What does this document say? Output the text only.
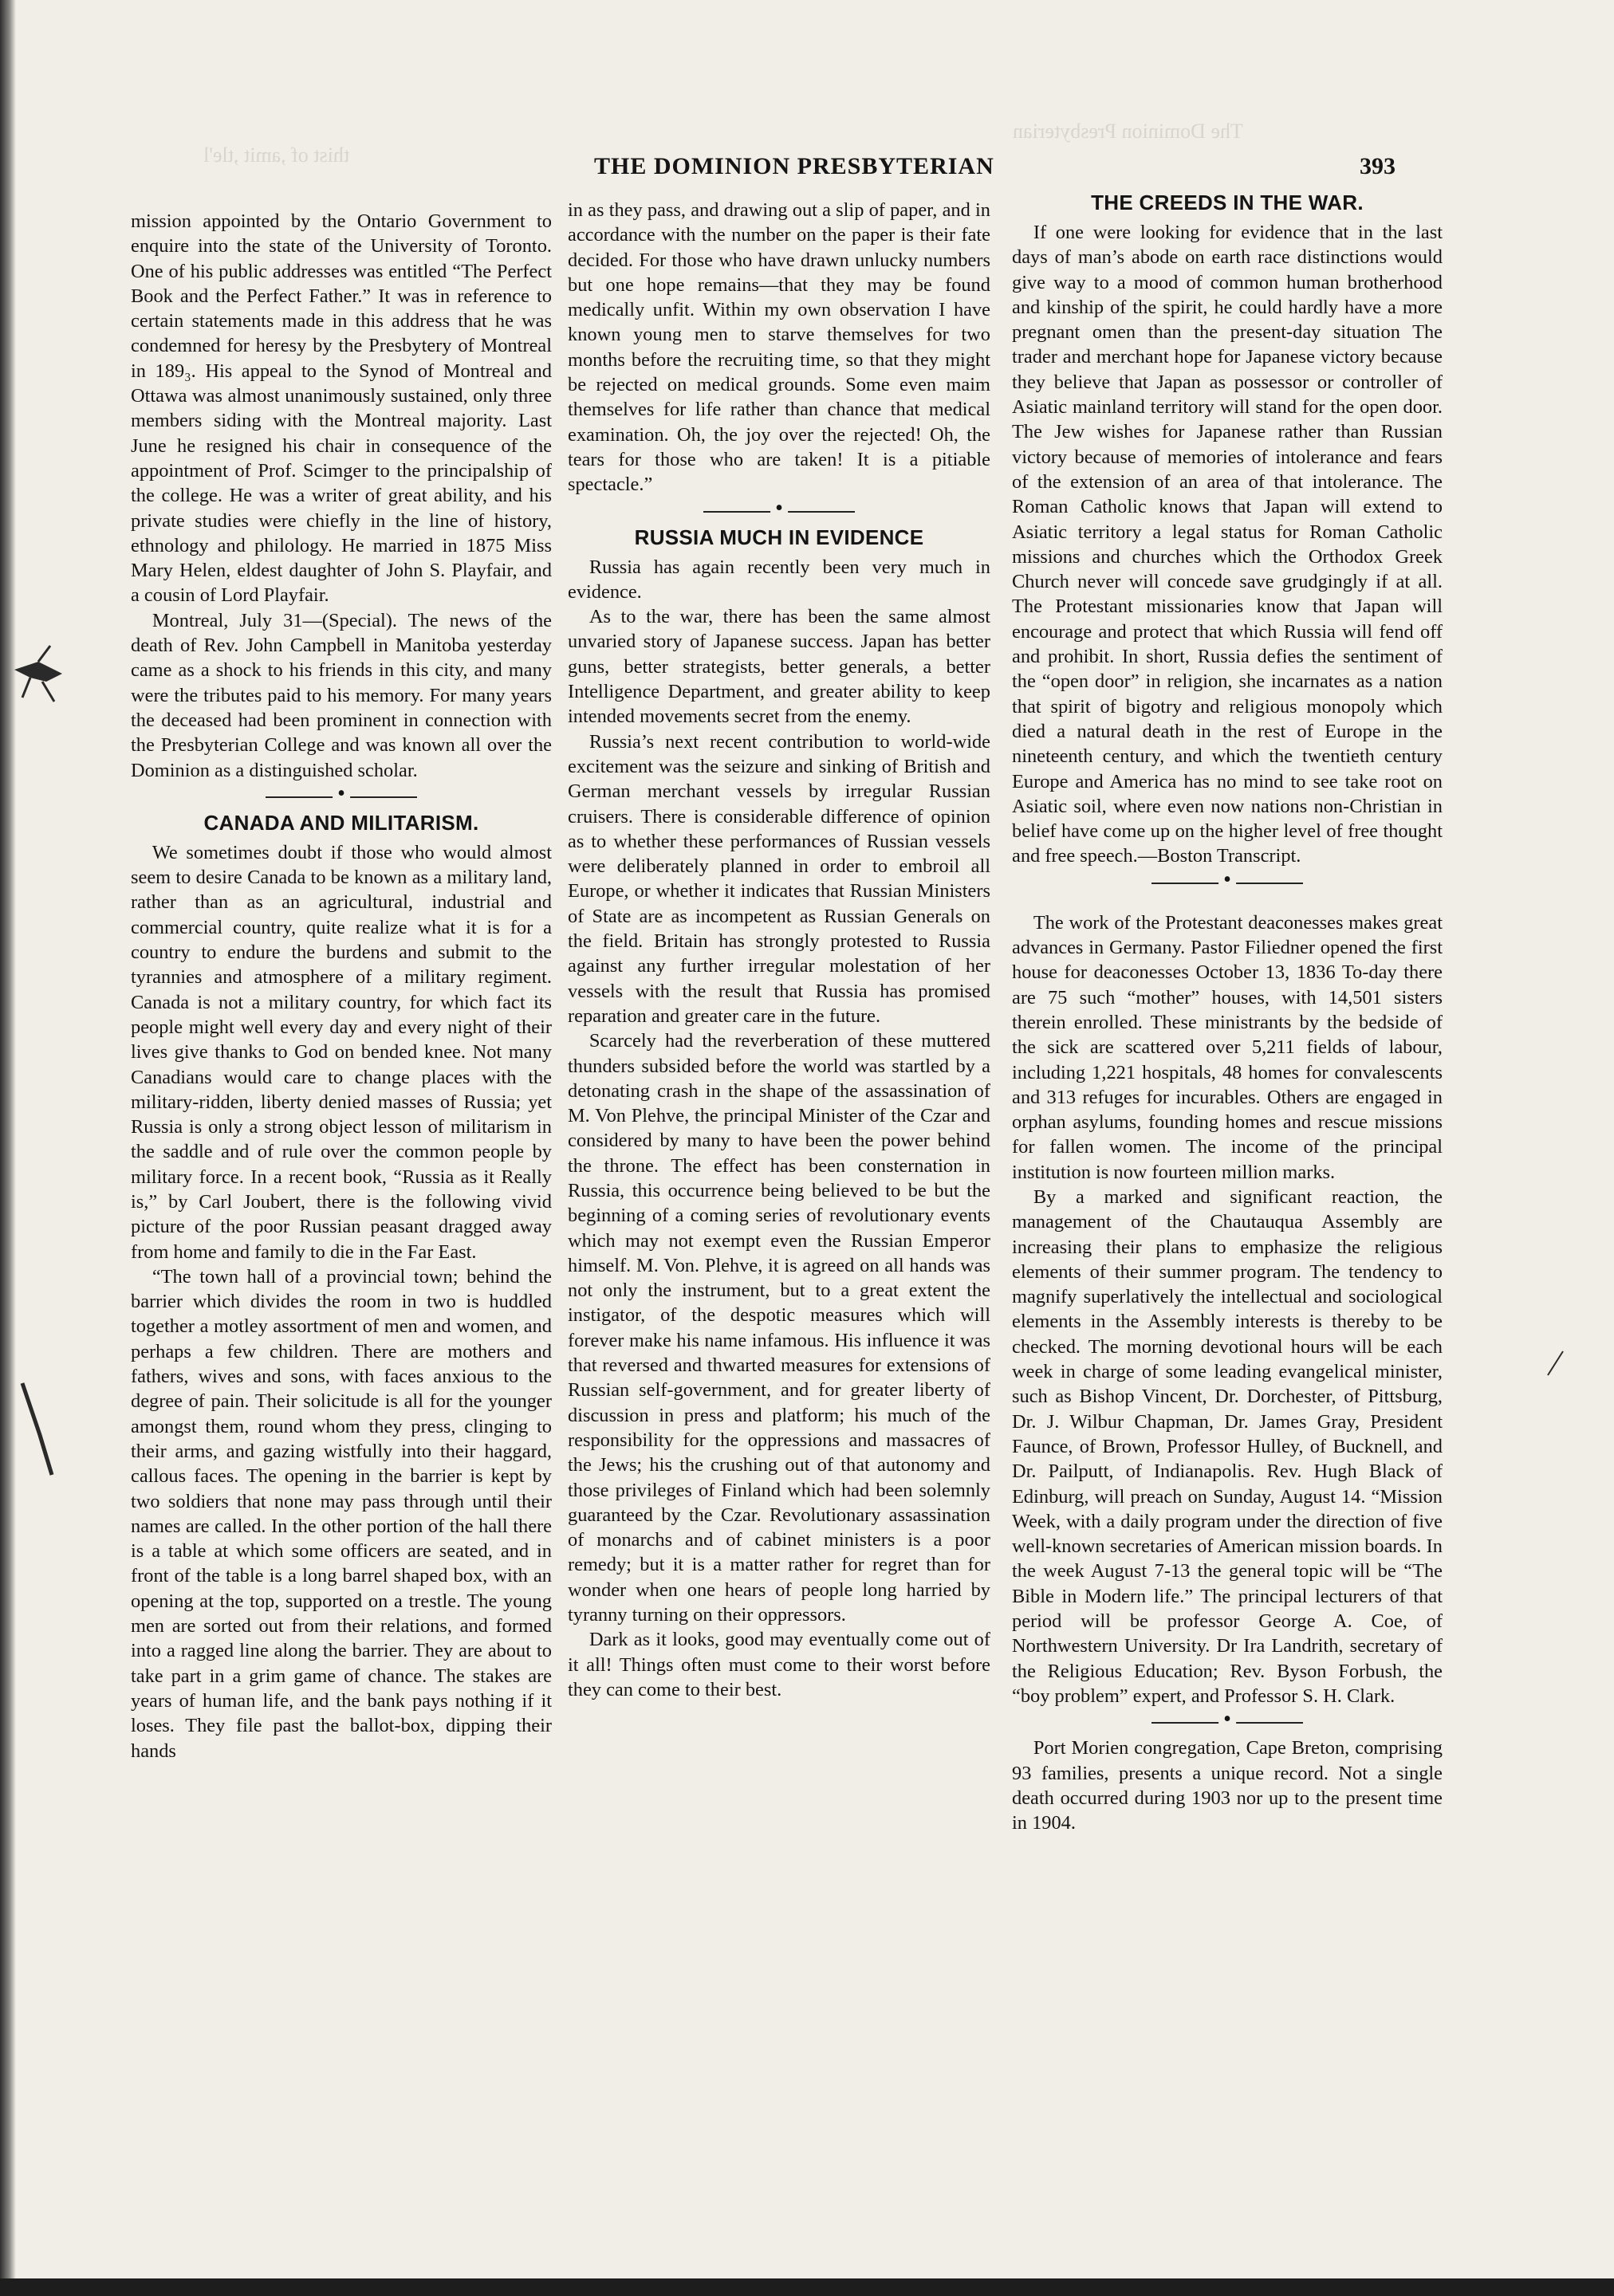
thist of ,amit ,tle'l
The Dominion Presbyterian
THE DOMINION PRESBYTERIAN	393

mission appointed by the Ontario Government to enquire into the state of the University of Toronto. One of his public addresses was entitled “The Perfect Book and the Perfect Father.” It was in reference to certain statements made in this address that he was condemned for heresy by the Presbytery of Montreal in 189₃. His appeal to the Synod of Montreal and Ottawa was almost unanimously sustained, only three members siding with the Montreal majority. Last June he resigned his chair in consequence of the appointment of Prof. Scimger to the principalship of the college. He was a writer of great ability, and his private studies were chiefly in the line of history, ethnology and philology. He married in 1875 Miss Mary Helen, eldest daughter of John S. Playfair, and a cousin of Lord Playfair.

Montreal, July 31—(Special). The news of the death of Rev. John Campbell in Manitoba yesterday came as a shock to his friends in this city, and many were the tributes paid to his memory. For many years the deceased had been prominent in connection with the Presbyterian College and was known all over the Dominion as a distinguished scholar.

•
CANADA AND MILITARISM.

We sometimes doubt if those who would almost seem to desire Canada to be known as a military land, rather than as an agricultural, industrial and commercial country, quite realize what it is for a country to endure the burdens and submit to the tyrannies and atmosphere of a military regiment. Canada is not a military country, for which fact its people might well every day and every night of their lives give thanks to God on bended knee. Not many Canadians would care to change places with the military-ridden, liberty denied masses of Russia; yet Russia is only a strong object lesson of militarism in the saddle and of rule over the common people by military force. In a recent book, “Russia as it Really is,” by Carl Joubert, there is the following vivid picture of the poor Russian peasant dragged away from home and family to die in the Far East.

“The town hall of a provincial town; behind the barrier which divides the room in two is huddled together a motley assortment of men and women, and perhaps a few children. There are mothers and fathers, wives and sons, with faces anxious to the degree of pain. Their solicitude is all for the younger amongst them, round whom they press, clinging to their arms, and gazing wistfully into their haggard, callous faces. The opening in the barrier is kept by two soldiers that none may pass through until their names are called. In the other portion of the hall there is a table at which some officers are seated, and in front of the table is a long barrel shaped box, with an opening at the top, supported on a trestle. The young men are sorted out from their relations, and formed into a ragged line along the barrier. They are about to take part in a grim game of chance. The stakes are years of human life, and the bank pays nothing if it loses. They file past the ballot-box, dipping their hands

in as they pass, and drawing out a slip of paper, and in accordance with the number on the paper is their fate decided. For those who have drawn unlucky numbers but one hope remains—that they may be found medically unfit. Within my own observation I have known young men to starve themselves for two months before the recruiting time, so that they might be rejected on medical grounds. Some even maim themselves for life rather than chance that medical examination. Oh, the joy over the rejected! Oh, the tears for those who are taken! It is a pitiable spectacle.”

•
RUSSIA MUCH IN EVIDENCE

Russia has again recently been very much in evidence.

As to the war, there has been the same almost unvaried story of Japanese success. Japan has better guns, better strategists, better generals, a better Intelligence Department, and greater ability to keep intended movements secret from the enemy.

Russia’s next recent contribution to world-wide excitement was the seizure and sinking of British and German merchant vessels by irregular Russian cruisers. There is considerable difference of opinion as to whether these performances of Russian vessels were deliberately planned in order to embroil all Europe, or whether it indicates that Russian Ministers of State are as incompetent as Russian Generals on the field. Britain has strongly protested to Russia against any further irregular molestation of her vessels with the result that Russia has promised reparation and greater care in the future.

Scarcely had the reverberation of these muttered thunders subsided before the world was startled by a detonating crash in the shape of the assassination of M. Von Plehve, the principal Minister of the Czar and considered by many to have been the power behind the throne. The effect has been consternation in Russia, this occurrence being believed to be but the beginning of a coming series of revolutionary events which may not exempt even the Russian Emperor himself. M. Von. Plehve, it is agreed on all hands was not only the instrument, but to a great extent the instigator, of the despotic measures which will forever make his name infamous. His influence it was that reversed and thwarted measures for extensions of Russian self-government, and for greater liberty of discussion in press and platform; his much of the responsibility for the oppressions and massacres of the Jews; his the crushing out of that autonomy and those privileges of Finland which had been solemnly guaranteed by the Czar. Revolutionary assassination of monarchs and of cabinet ministers is a poor remedy; but it is a matter rather for regret than for wonder when one hears of people long harried by tyranny turning on their oppressors.

Dark as it looks, good may eventually come out of it all! Things often must come to their worst before they can come to their best.

THE CREEDS IN THE WAR.

If one were looking for evidence that in the last days of man’s abode on earth race distinctions would give way to a mood of common human brotherhood and kinship of the spirit, he could hardly have a more pregnant omen than the present-day situation The trader and merchant hope for Japanese victory because they believe that Japan as possessor or controller of Asiatic mainland territory will stand for the open door. The Jew wishes for Japanese rather than Russian victory because of memories of intolerance and fears of the extension of an area of that intolerance. The Roman Catholic knows that Japan will extend to Asiatic territory a legal status for Roman Catholic missions and churches which the Orthodox Greek Church never will concede save grudgingly if at all. The Protestant missionaries know that Japan will encourage and protect that which Russia will fend off and prohibit. In short, Russia defies the sentiment of the “open door” in religion, she incarnates as a nation that spirit of bigotry and religious monopoly which died a natural death in the rest of Europe in the nineteenth century, and which the twentieth century Europe and America has no mind to see take root on Asiatic soil, where even now nations non-Christian in belief have come up on the higher level of free thought and free speech.—Boston Transcript.

•

The work of the Protestant deaconesses makes great advances in Germany. Pastor Filiedner opened the first house for deaconesses October 13, 1836 To-day there are 75 such “mother” houses, with 14,501 sisters therein enrolled. These ministrants by the bedside of the sick are scattered over 5,211 fields of labour, including 1,221 hospitals, 48 homes for convalescents and 313 refuges for incurables. Others are engaged in orphan asylums, founding homes and rescue missions for fallen women. The income of the principal institution is now fourteen million marks.

By a marked and significant reaction, the management of the Chautauqua Assembly are increasing their plans to emphasize the religious elements of their summer program. The tendency to magnify superlatively the intellectual and sociological elements in the Assembly interests is thereby to be checked. The morning devotional hours will be each week in charge of some leading evangelical minister, such as Bishop Vincent, Dr. Dorchester, of Pittsburg, Dr. J. Wilbur Chapman, Dr. James Gray, President Faunce, of Brown, Professor Hulley, of Bucknell, and Dr. Pailputt, of Indianapolis. Rev. Hugh Black of Edinburg, will preach on Sunday, August 14. “Mission Week, with a daily program under the direction of five well-known secretaries of American mission boards. In the week August 7-13 the general topic will be “The Bible in Modern life.” The principal lecturers of that period will be professor George A. Coe, of Northwestern University. Dr Ira Landrith, secretary of the Religious Education; Rev. Byson Forbush, the “boy problem” expert, and Professor S. H. Clark.

•

Port Morien congregation, Cape Breton, comprising 93 families, presents a unique record. Not a single death occurred during 1903 nor up to the present time in 1904.
